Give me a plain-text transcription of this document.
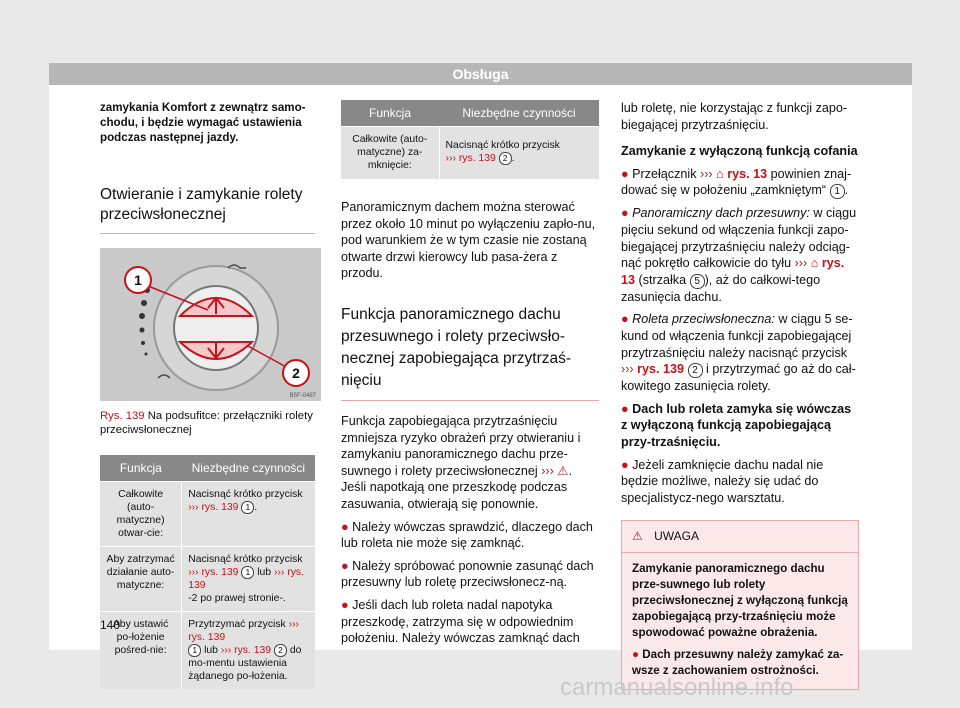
Obsługa

zamykania Komfort z zewnątrz samo-chodu, i będzie wymagać ustawienia podczas następnej jazdy.

Otwieranie i zamykanie rolety przeciwsłonecznej
1
2
B5F-0487

Rys. 139 Na podsufitce: przełączniki rolety przeciwsłonecznej

Funkcja	Niezbędne czynności
Całkowite (auto-matyczne) otwar-cie:	Nacisnąć krótko przycisk
››› rys. 139 1 .
Aby zatrzymać działanie auto-matyczne:	Nacisnąć krótko przycisk
››› rys. 139 1 lub ››› rys. 139
-2 po prawej stronie-.
Aby ustawić po-łożenie pośred-nie:	Przytrzymać przycisk ››› rys. 139
1 lub ››› rys. 139 2 do mo-mentu ustawienia żądanego po-łożenia.
140
Funkcja	Niezbędne czynności
Całkowite (auto-matyczne) za-mknięcie:	Nacisnąć krótko przycisk
››› rys. 139 2 .

Panoramicznym dachem można sterować przez około 10 minut po wyłączeniu zapło-nu, pod warunkiem że w tym czasie nie zostaną otwarte drzwi kierowcy lub pasa-żera z przodu.

Funkcja panoramicznego dachu przesuwnego i rolety przeciwsło-necznej zapobiegająca przytrzaś-nięciu

Funkcja zapobiegająca przytrzaśnięciu zmniejsza ryzyko obrażeń przy otwieraniu i zamykaniu panoramicznego dachu prze-suwnego i rolety przeciwsłonecznej ››› ⚠. Jeśli napotkają one przeszkodę podczas zasuwania, otwierają się ponownie.

● Należy wówczas sprawdzić, dlaczego dach lub roleta nie może się zamknąć.

● Należy spróbować ponownie zasunąć dach przesuwny lub roletę przeciwsłonecz-ną.

● Jeśli dach lub roleta nadal napotyka przeszkodę, zatrzyma się w odpowiednim położeniu. Należy wówczas zamknąć dach

lub roletę, nie korzystając z funkcji zapo-biegającej przytrzaśnięciu.

Zamykanie z wyłączoną funkcją cofania

● Przełącznik ››› ⌂ rys. 13 powinien znaj-dować się w położeniu „zamkniętym“ 1 .

● Panoramiczny dach przesuwny: w ciągu pięciu sekund od włączenia funkcji zapo-biegającej przytrzaśnięciu należy odciąg-nąć pokrętło całkowicie do tyłu ››› ⌂ rys. 13 (strzałka 5 ), aż do całkowi-tego zasunięcia dachu.

● Roleta przeciwsłoneczna: w ciągu 5 se-kund od włączenia funkcji zapobiegającej przytrzaśnięciu należy nacisnąć przycisk ››› rys. 139 2 i przytrzymać go aż do cał-kowitego zasunięcia rolety.

● Dach lub roleta zamyka się wówczas z wyłączoną funkcją zapobiegającą przy-trzaśnięciu.

● Jeżeli zamknięcie dachu nadal nie będzie możliwe, należy się udać do specjalistycz-nego warsztatu.

⚠ UWAGA

Zamykanie panoramicznego dachu prze-suwnego lub rolety przeciwsłonecznej z wyłączoną funkcją zapobiegającą przy-trzaśnięciu może spowodować poważne obrażenia.

● Dach przesuwny należy zamykać za-wsze z zachowaniem ostrożności.

carmanualsonline.info
